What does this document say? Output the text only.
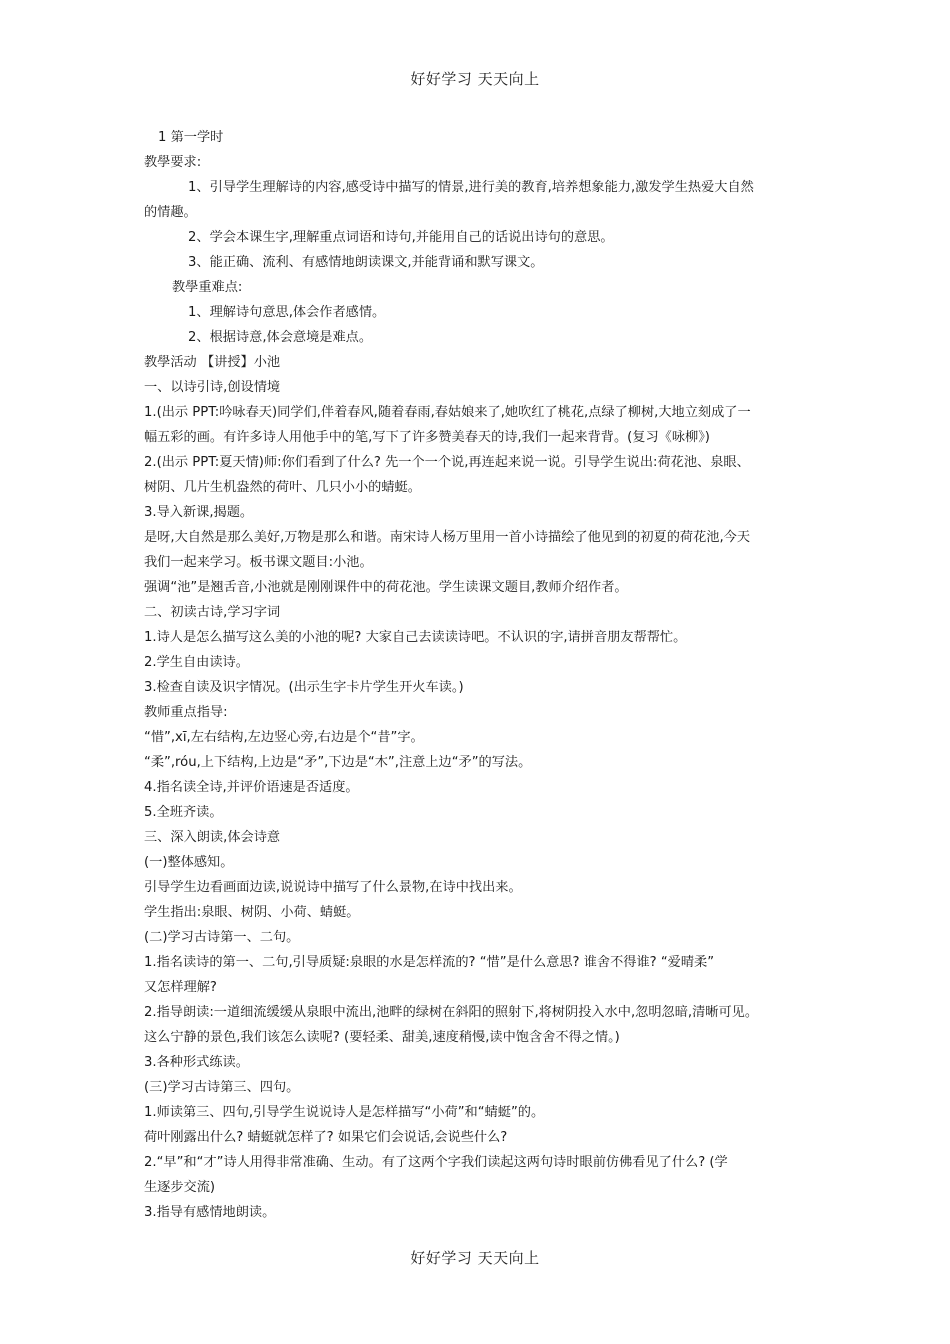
好好学习 天天向上

1 第一学时

教學要求:

1、引导学生理解诗的内容,感受诗中描写的情景,进行美的教育,培养想象能力,激发学生热爱大自然

的情趣。

2、学会本课生字,理解重点词语和诗句,并能用自己的话说出诗句的意思。

3、能正确、流利、有感情地朗读课文,并能背诵和默写课文。

教學重难点:

1、理解诗句意思,体会作者感情。

2、根据诗意,体会意境是难点。

教學活动 【讲授】小池

一、以诗引诗,创设情境

1.(出示 PPT:吟咏春天)同学们,伴着春风,随着春雨,春姑娘来了,她吹红了桃花,点绿了柳树,大地立刻成了一

幅五彩的画。有许多诗人用他手中的笔,写下了许多赞美春天的诗,我们一起来背背。(复习《咏柳》)

2.(出示 PPT:夏天情)师:你们看到了什么? 先一个一个说,再连起来说一说。引导学生说出:荷花池、泉眼、

树阴、几片生机盎然的荷叶、几只小小的蜻蜓。

3.导入新课,揭题。

是呀,大自然是那么美好,万物是那么和谐。南宋诗人杨万里用一首小诗描绘了他见到的初夏的荷花池,今天

我们一起来学习。板书课文题目:小池。

强调“池”是翘舌音,小池就是刚刚课件中的荷花池。学生读课文题目,教师介绍作者。

二、初读古诗,学习字词

1.诗人是怎么描写这么美的小池的呢? 大家自己去读读诗吧。不认识的字,请拼音朋友帮帮忙。

2.学生自由读诗。

3.检查自读及识字情况。(出示生字卡片学生开火车读。)

教师重点指导:

“惜”,xī,左右结构,左边竖心旁,右边是个“昔”字。

“柔”,róu,上下结构,上边是“矛”,下边是“木”,注意上边“矛”的写法。

4.指名读全诗,并评价语速是否适度。

5.全班齐读。

三、深入朗读,体会诗意

(一)整体感知。

引导学生边看画面边读,说说诗中描写了什么景物,在诗中找出来。

学生指出:泉眼、树阴、小荷、蜻蜓。

(二)学习古诗第一、二句。

1.指名读诗的第一、二句,引导质疑:泉眼的水是怎样流的? “惜”是什么意思? 谁舍不得谁? “爱晴柔”

又怎样理解?

2.指导朗读:一道细流缓缓从泉眼中流出,池畔的绿树在斜阳的照射下,将树阴投入水中,忽明忽暗,清晰可见。

这么宁静的景色,我们该怎么读呢? (要轻柔、甜美,速度稍慢,读中饱含舍不得之情。)

3.各种形式练读。

(三)学习古诗第三、四句。

1.师读第三、四句,引导学生说说诗人是怎样描写“小荷”和“蜻蜓”的。

荷叶刚露出什么? 蜻蜓就怎样了? 如果它们会说话,会说些什么?

2.“早”和“才”诗人用得非常准确、生动。有了这两个字我们读起这两句诗时眼前仿佛看见了什么? (学

生逐步交流)

3.指导有感情地朗读。

好好学习 天天向上
